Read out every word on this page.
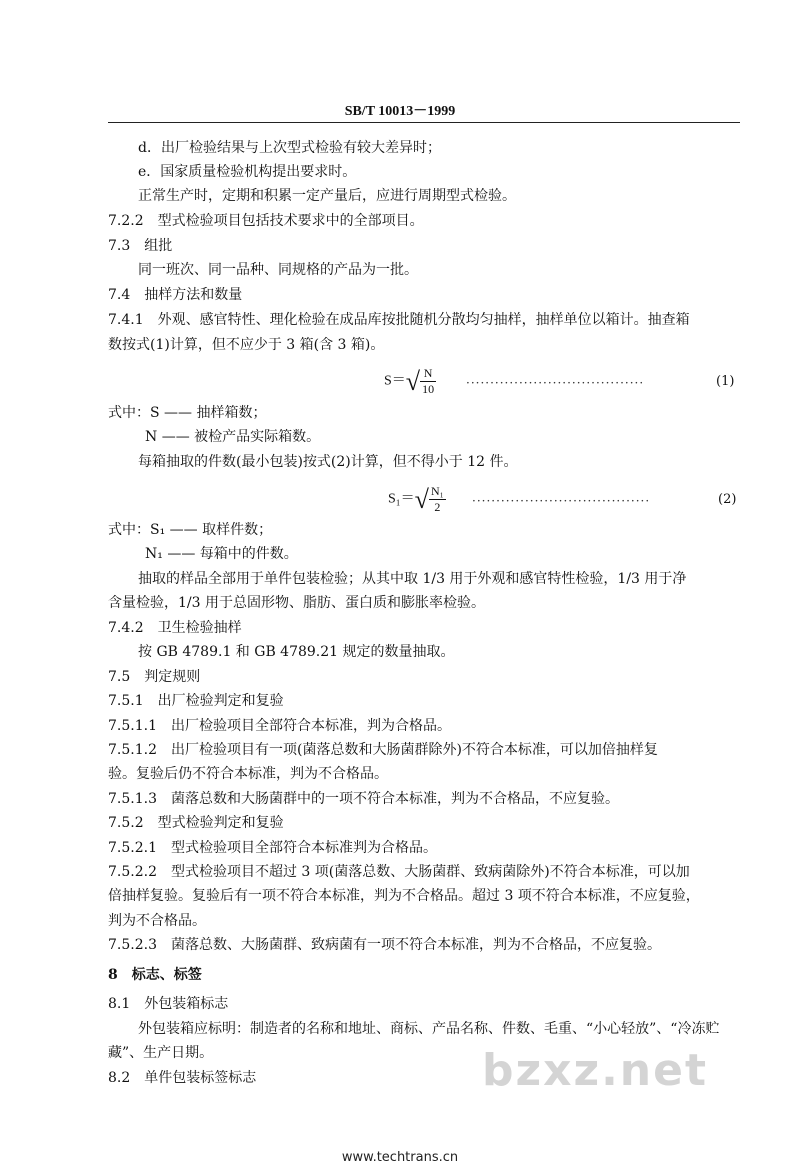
SB/T 10013－1999
d．出厂检验结果与上次型式检验有较大差异时；
e．国家质量检验机构提出要求时。
正常生产时，定期和积累一定产量后，应进行周期型式检验。
7.2.2　型式检验项目包括技术要求中的全部项目。
7.3　组批
同一班次、同一品种、同规格的产品为一批。
7.4　抽样方法和数量
7.4.1　外观、感官特性、理化检验在成品库按批随机分散均匀抽样，抽样单位以箱计。抽查箱
数按式(1)计算，但不应少于 3 箱(含 3 箱)。
$S=√ \frac{N}{10}$ ·····································	(1)
式中：S —— 抽样箱数；
N —— 被检产品实际箱数。
每箱抽取的件数(最小包装)按式(2)计算，但不得小于 12 件。
$S_1=√ \frac{\text{N₁}}{2}$ ·····································	(2)
式中：S₁ —— 取样件数；
N₁ —— 每箱中的件数。
抽取的样品全部用于单件包装检验；从其中取 1/3 用于外观和感官特性检验，1/3 用于净
含量检验，1/3 用于总固形物、脂肪、蛋白质和膨胀率检验。
7.4.2　卫生检验抽样
按 GB 4789.1 和 GB 4789.21 规定的数量抽取。
7.5　判定规则
7.5.1　出厂检验判定和复验
7.5.1.1　出厂检验项目全部符合本标准，判为合格品。
7.5.1.2　出厂检验项目有一项(菌落总数和大肠菌群除外)不符合本标准，可以加倍抽样复
验。复验后仍不符合本标准，判为不合格品。
7.5.1.3　菌落总数和大肠菌群中的一项不符合本标准，判为不合格品，不应复验。
7.5.2　型式检验判定和复验
7.5.2.1　型式检验项目全部符合本标准判为合格品。
7.5.2.2　型式检验项目不超过 3 项(菌落总数、大肠菌群、致病菌除外)不符合本标准，可以加
倍抽样复验。复验后有一项不符合本标准，判为不合格品。超过 3 项不符合本标准，不应复验，
判为不合格品。
7.5.2.3　菌落总数、大肠菌群、致病菌有一项不符合本标准，判为不合格品，不应复验。
8　标志、标签
8.1　外包装箱标志
外包装箱应标明：制造者的名称和地址、商标、产品名称、件数、毛重、“小心轻放”、“冷冻贮
藏”、生产日期。
8.2　单件包装标签标志	bzxz.net
www.techtrans.cn
